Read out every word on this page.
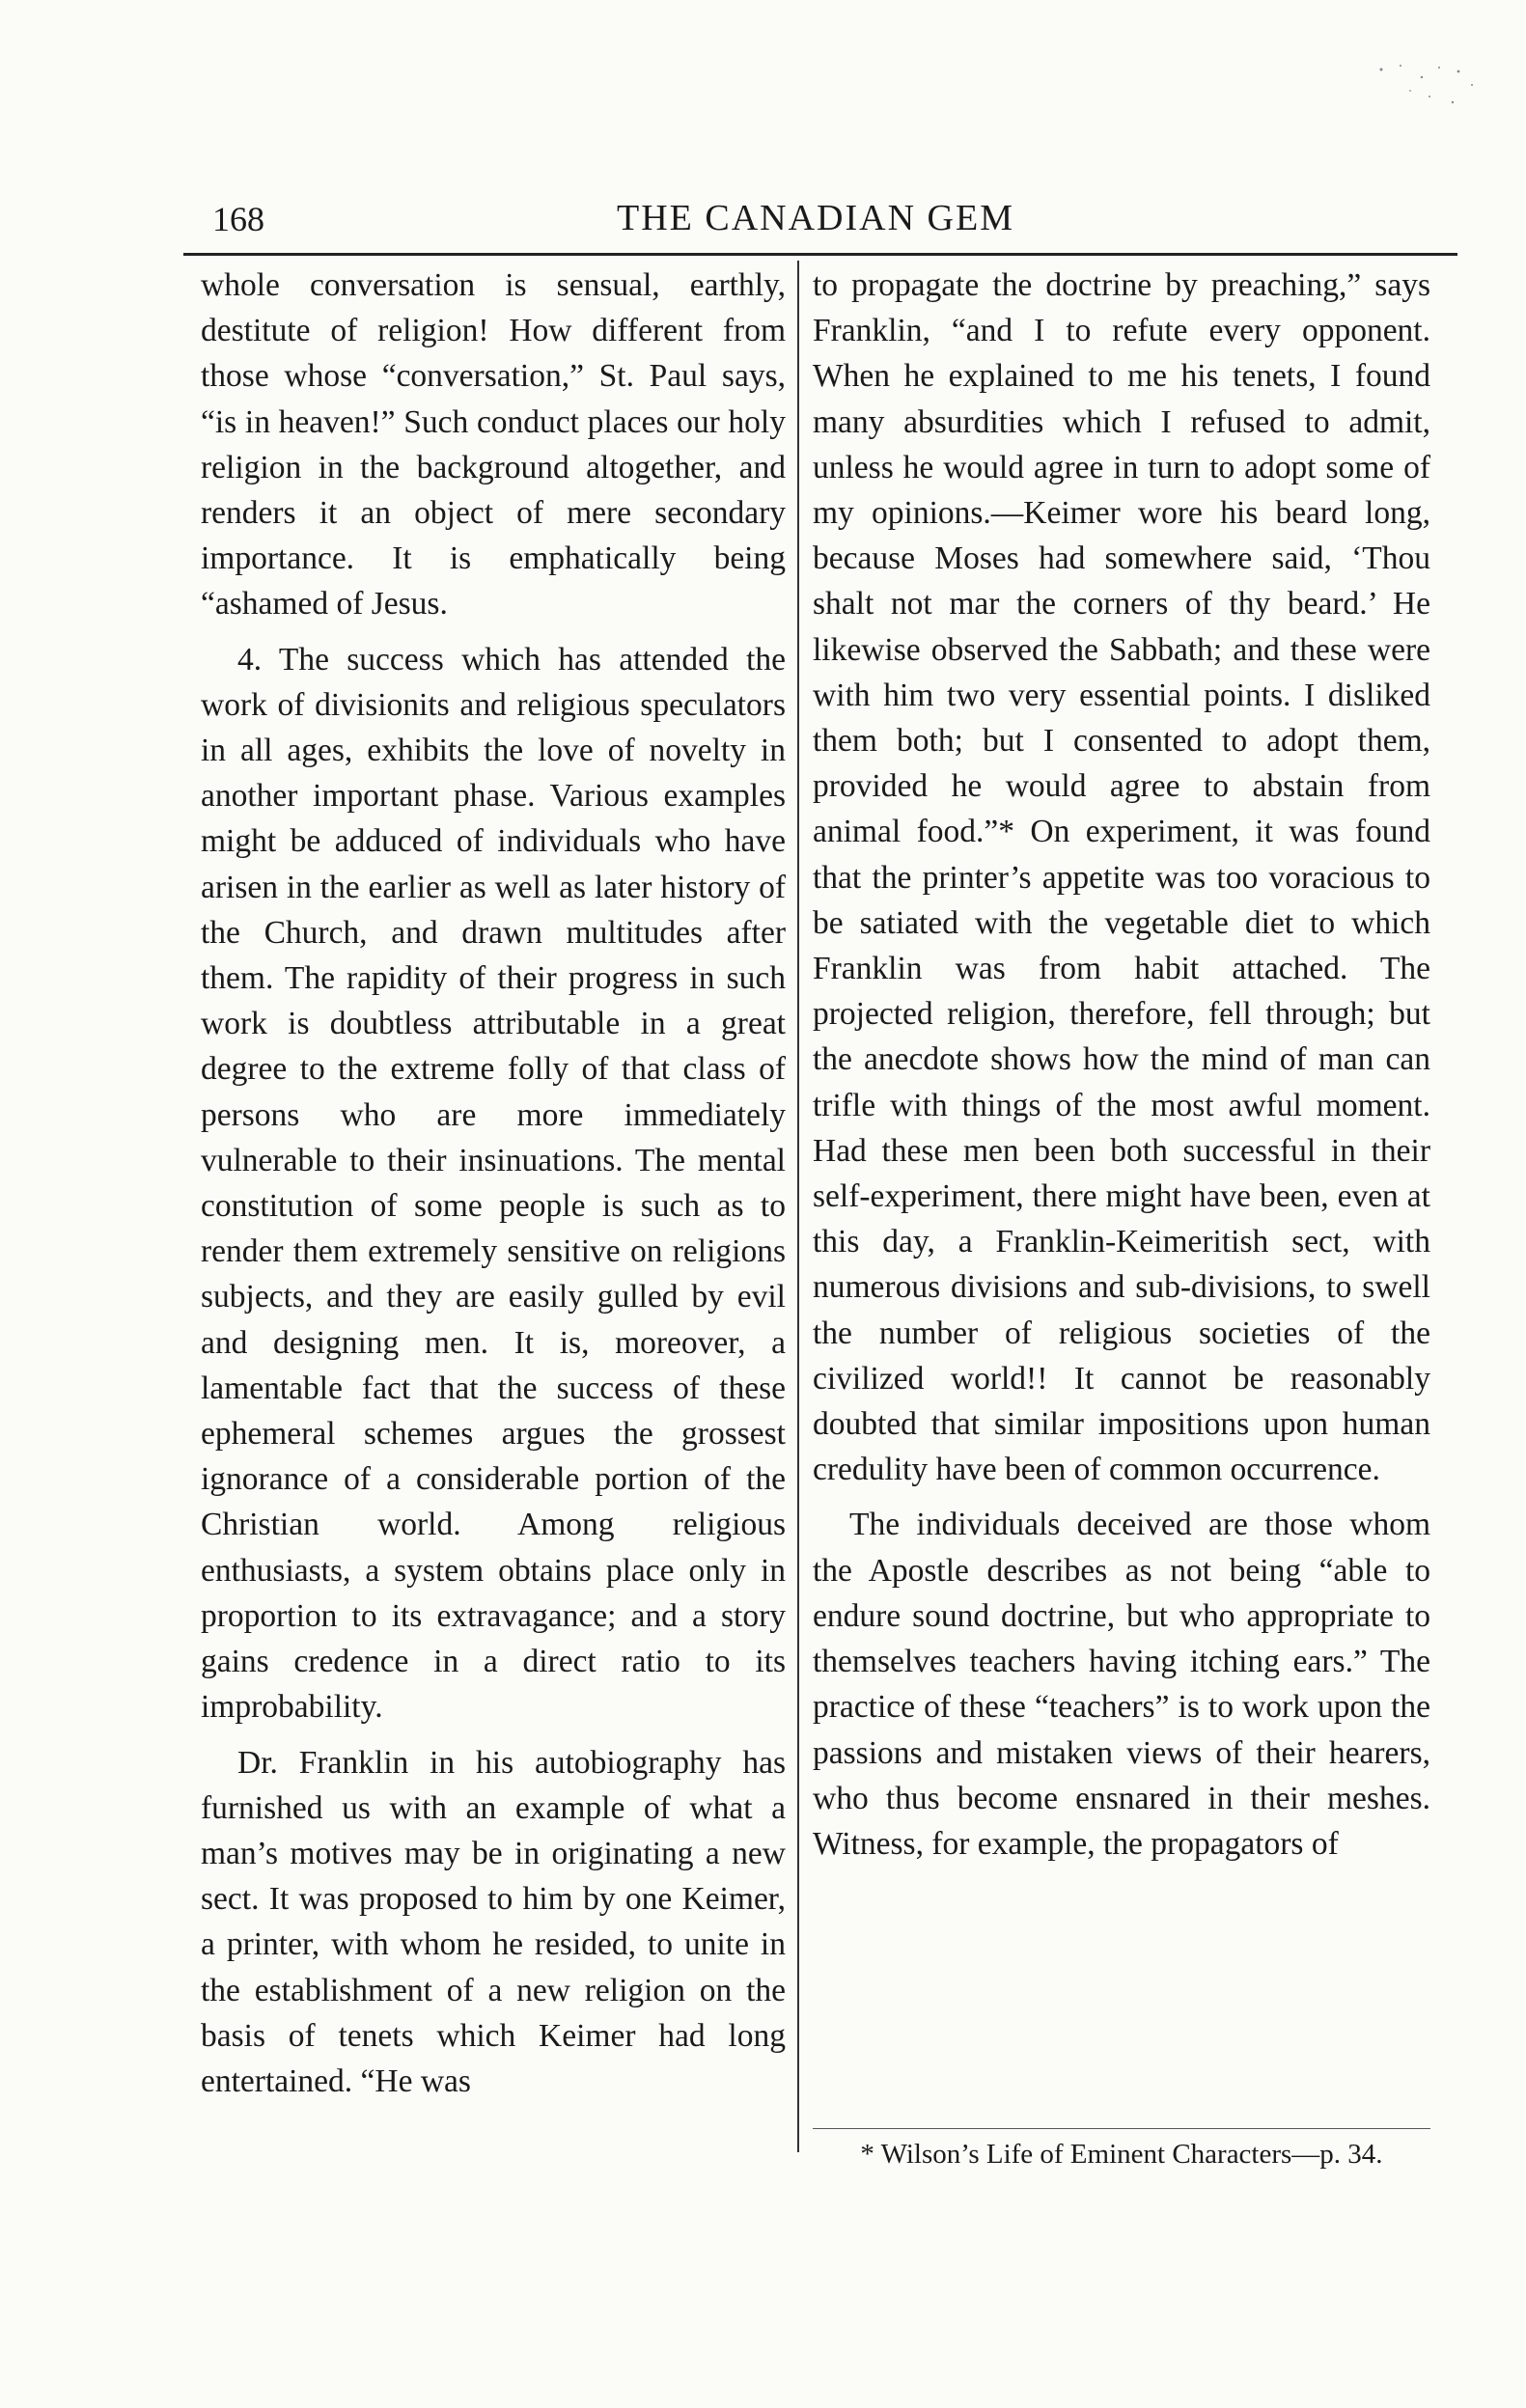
168	THE CANADIAN GEM

whole conversation is sensual, earthly, destitute of religion! How different from those whose “conversation,” St. Paul says, “is in heaven!” Such conduct places our holy religion in the background altogether, and renders it an object of mere secondary importance. It is emphatically being “ashamed of Jesus.

4. The success which has attended the work of divisionits and religious speculators in all ages, exhibits the love of novelty in another important phase. Various examples might be adduced of individuals who have arisen in the earlier as well as later history of the Church, and drawn multitudes after them. The rapidity of their progress in such work is doubtless attributable in a great degree to the extreme folly of that class of persons who are more immediately vulnerable to their insinuations. The mental constitution of some people is such as to render them extremely sensitive on religions subjects, and they are easily gulled by evil and designing men. It is, moreover, a lamentable fact that the success of these ephemeral schemes argues the grossest ignorance of a considerable portion of the Christian world. Among religious enthusiasts, a system obtains place only in proportion to its extravagance; and a story gains credence in a direct ratio to its improbability.

Dr. Franklin in his autobiography has furnished us with an example of what a man’s motives may be in originating a new sect. It was proposed to him by one Keimer, a printer, with whom he resided, to unite in the establishment of a new religion on the basis of tenets which Keimer had long entertained. “He was

to propagate the doctrine by preaching,” says Franklin, “and I to refute every opponent. When he explained to me his tenets, I found many absurdities which I refused to admit, unless he would agree in turn to adopt some of my opinions.—Keimer wore his beard long, because Moses had somewhere said, ‘Thou shalt not mar the corners of thy beard.’ He likewise observed the Sabbath; and these were with him two very essential points. I disliked them both; but I consented to adopt them, provided he would agree to abstain from animal food.”* On experiment, it was found that the printer’s appetite was too voracious to be satiated with the vegetable diet to which Franklin was from habit attached. The projected religion, therefore, fell through; but the anecdote shows how the mind of man can trifle with things of the most awful moment. Had these men been both successful in their self-experiment, there might have been, even at this day, a Franklin-Keimeritish sect, with numerous divisions and sub-divisions, to swell the number of religious societies of the civilized world!! It cannot be reasonably doubted that similar impositions upon human credulity have been of common occurrence.

The individuals deceived are those whom the Apostle describes as not being “able to endure sound doctrine, but who appropriate to themselves teachers having itching ears.” The practice of these “teachers” is to work upon the passions and mistaken views of their hearers, who thus become ensnared in their meshes. Witness, for example, the propagators of

* Wilson’s Life of Eminent Characters—p. 34.
